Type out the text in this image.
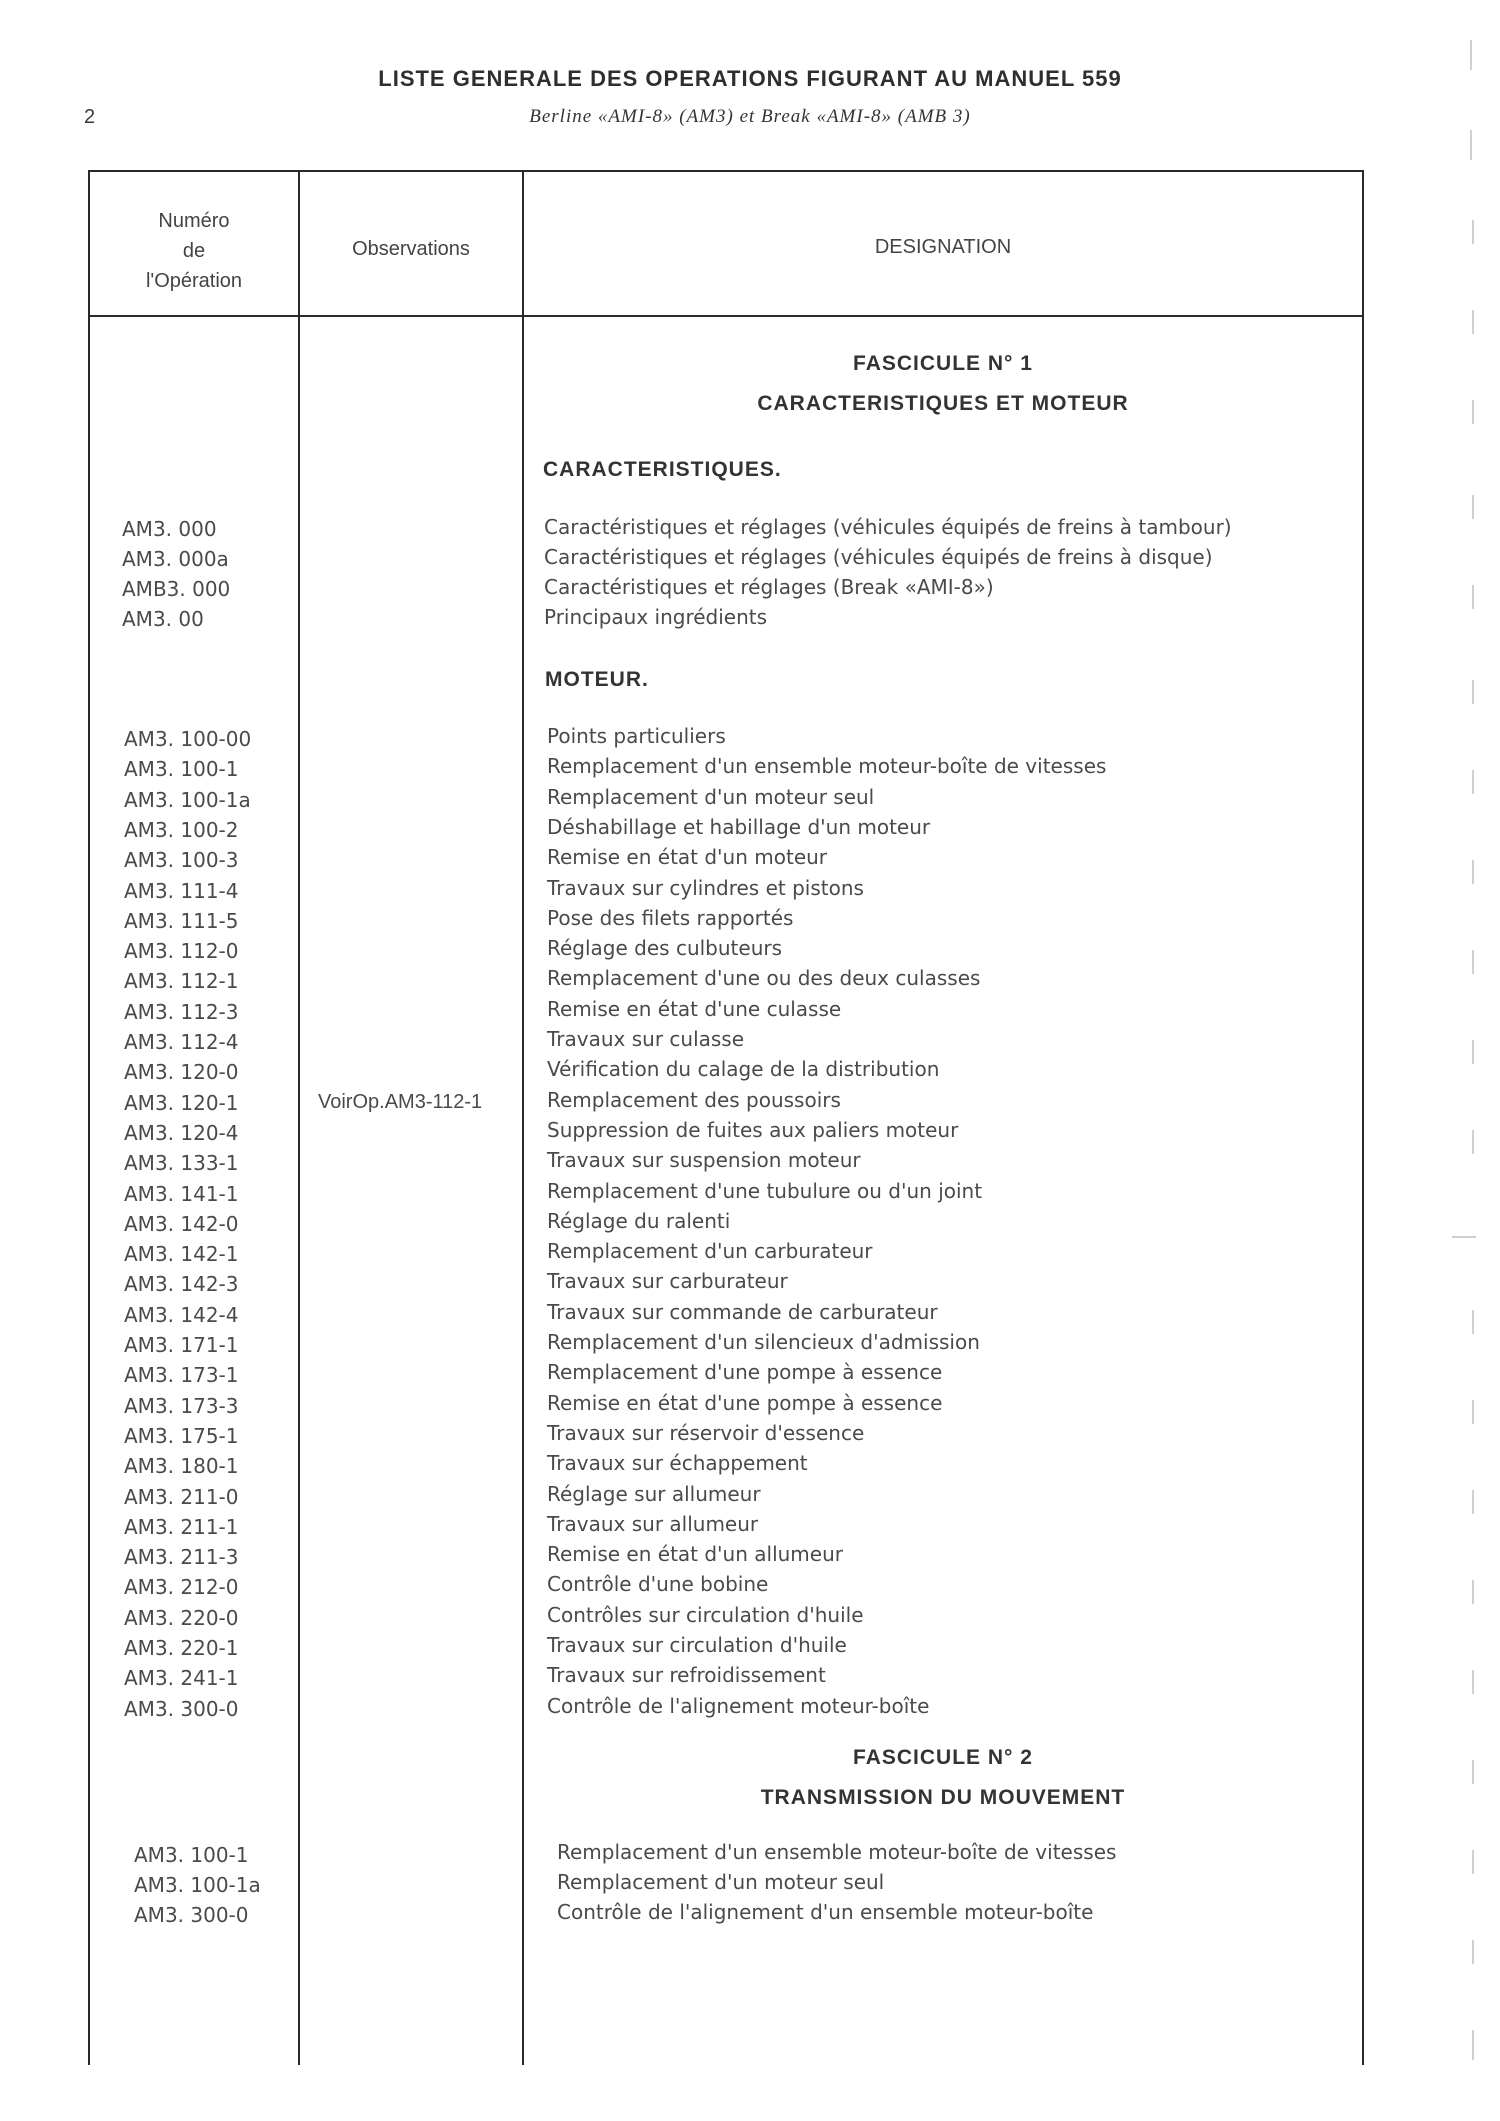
2
LISTE GENERALE DES OPERATIONS FIGURANT AU MANUEL 559
Berline «AMI-8» (AM3) et Break «AMI-8» (AMB 3)
Numéro
de
l'Opération
Observations	DESIGNATION
FASCICULE N° 1
CARACTERISTIQUES ET MOTEUR
CARACTERISTIQUES.
AM3. 000
AM3. 000a
AMB3. 000
AM3. 00
Caractéristiques et réglages (véhicules équipés de freins à tambour)
Caractéristiques et réglages (véhicules équipés de freins à disque)
Caractéristiques et réglages (Break «AMI-8»)
Principaux ingrédients
MOTEUR.
AM3. 100-00
AM3. 100-1
AM3. 100-1a
AM3. 100-2
AM3. 100-3
AM3. 111-4
AM3. 111-5
AM3. 112-0
AM3. 112-1
AM3. 112-3
AM3. 112-4
AM3. 120-0
AM3. 120-1
AM3. 120-4
AM3. 133-1
AM3. 141-1
AM3. 142-0
AM3. 142-1
AM3. 142-3
AM3. 142-4
AM3. 171-1
AM3. 173-1
AM3. 173-3
AM3. 175-1
AM3. 180-1
AM3. 211-0
AM3. 211-1
AM3. 211-3
AM3. 212-0
AM3. 220-0
AM3. 220-1
AM3. 241-1
AM3. 300-0
Points particuliers
Remplacement d'un ensemble moteur-boîte de vitesses
Remplacement d'un moteur seul
Déshabillage et habillage d'un moteur
Remise en état d'un moteur
Travaux sur cylindres et pistons
Pose des filets rapportés
Réglage des culbuteurs
Remplacement d'une ou des deux culasses
Remise en état d'une culasse
Travaux sur culasse
Vérification du calage de la distribution
Remplacement des poussoirs
Suppression de fuites aux paliers moteur
Travaux sur suspension moteur
Remplacement d'une tubulure ou d'un joint
Réglage du ralenti
Remplacement d'un carburateur
Travaux sur carburateur
Travaux sur commande de carburateur
Remplacement d'un silencieux d'admission
Remplacement d'une pompe à essence
Remise en état d'une pompe à essence
Travaux sur réservoir d'essence
Travaux sur échappement
Réglage sur allumeur
Travaux sur allumeur
Remise en état d'un allumeur
Contrôle d'une bobine
Contrôles sur circulation d'huile
Travaux sur circulation d'huile
Travaux sur refroidissement
Contrôle de l'alignement moteur-boîte
VoirOp.AM3-112-1
FASCICULE N° 2
TRANSMISSION DU MOUVEMENT
AM3. 100-1
AM3. 100-1a
AM3. 300-0
Remplacement d'un ensemble moteur-boîte de vitesses
Remplacement d'un moteur seul
Contrôle de l'alignement d'un ensemble moteur-boîte
